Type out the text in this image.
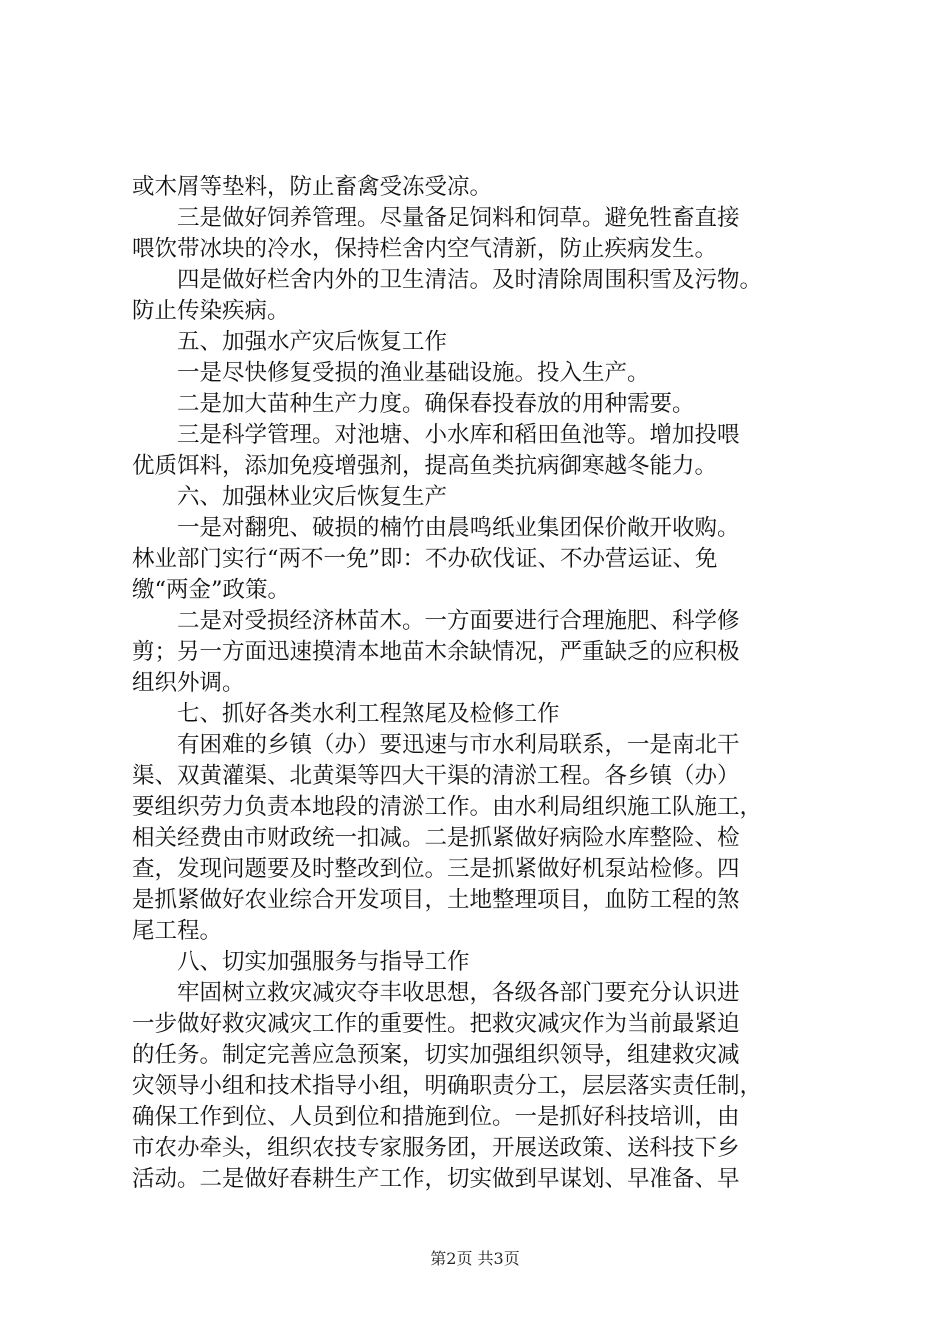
或木屑等垫料，防止畜禽受冻受凉。
　　三是做好饲养管理。尽量备足饲料和饲草。避免牲畜直接
喂饮带冰块的冷水，保持栏舍内空气清新，防止疾病发生。
　　四是做好栏舍内外的卫生清洁。及时清除周围积雪及污物。
防止传染疾病。
　　五、加强水产灾后恢复工作
　　一是尽快修复受损的渔业基础设施。投入生产。
　　二是加大苗种生产力度。确保春投春放的用种需要。
　　三是科学管理。对池塘、小水库和稻田鱼池等。增加投喂
优质饵料，添加免疫增强剂，提高鱼类抗病御寒越冬能力。
　　六、加强林业灾后恢复生产
　　一是对翻兜、破损的楠竹由晨鸣纸业集团保价敞开收购。
林业部门实行“两不一免”即：不办砍伐证、不办营运证、免
缴“两金”政策。
　　二是对受损经济林苗木。一方面要进行合理施肥、科学修
剪；另一方面迅速摸清本地苗木余缺情况，严重缺乏的应积极
组织外调。
　　七、抓好各类水利工程煞尾及检修工作
　　有困难的乡镇（办）要迅速与市水利局联系，一是南北干
渠、双黄灌渠、北黄渠等四大干渠的清淤工程。各乡镇（办）
要组织劳力负责本地段的清淤工作。由水利局组织施工队施工，
相关经费由市财政统一扣减。二是抓紧做好病险水库整险、检
查，发现问题要及时整改到位。三是抓紧做好机泵站检修。四
是抓紧做好农业综合开发项目，土地整理项目，血防工程的煞
尾工程。
　　八、切实加强服务与指导工作
　　牢固树立救灾减灾夺丰收思想，各级各部门要充分认识进
一步做好救灾减灾工作的重要性。把救灾减灾作为当前最紧迫
的任务。制定完善应急预案，切实加强组织领导，组建救灾减
灾领导小组和技术指导小组，明确职责分工，层层落实责任制，
确保工作到位、人员到位和措施到位。一是抓好科技培训，由
市农办牵头，组织农技专家服务团，开展送政策、送科技下乡
活动。二是做好春耕生产工作，切实做到早谋划、早准备、早
第2页 共3页
